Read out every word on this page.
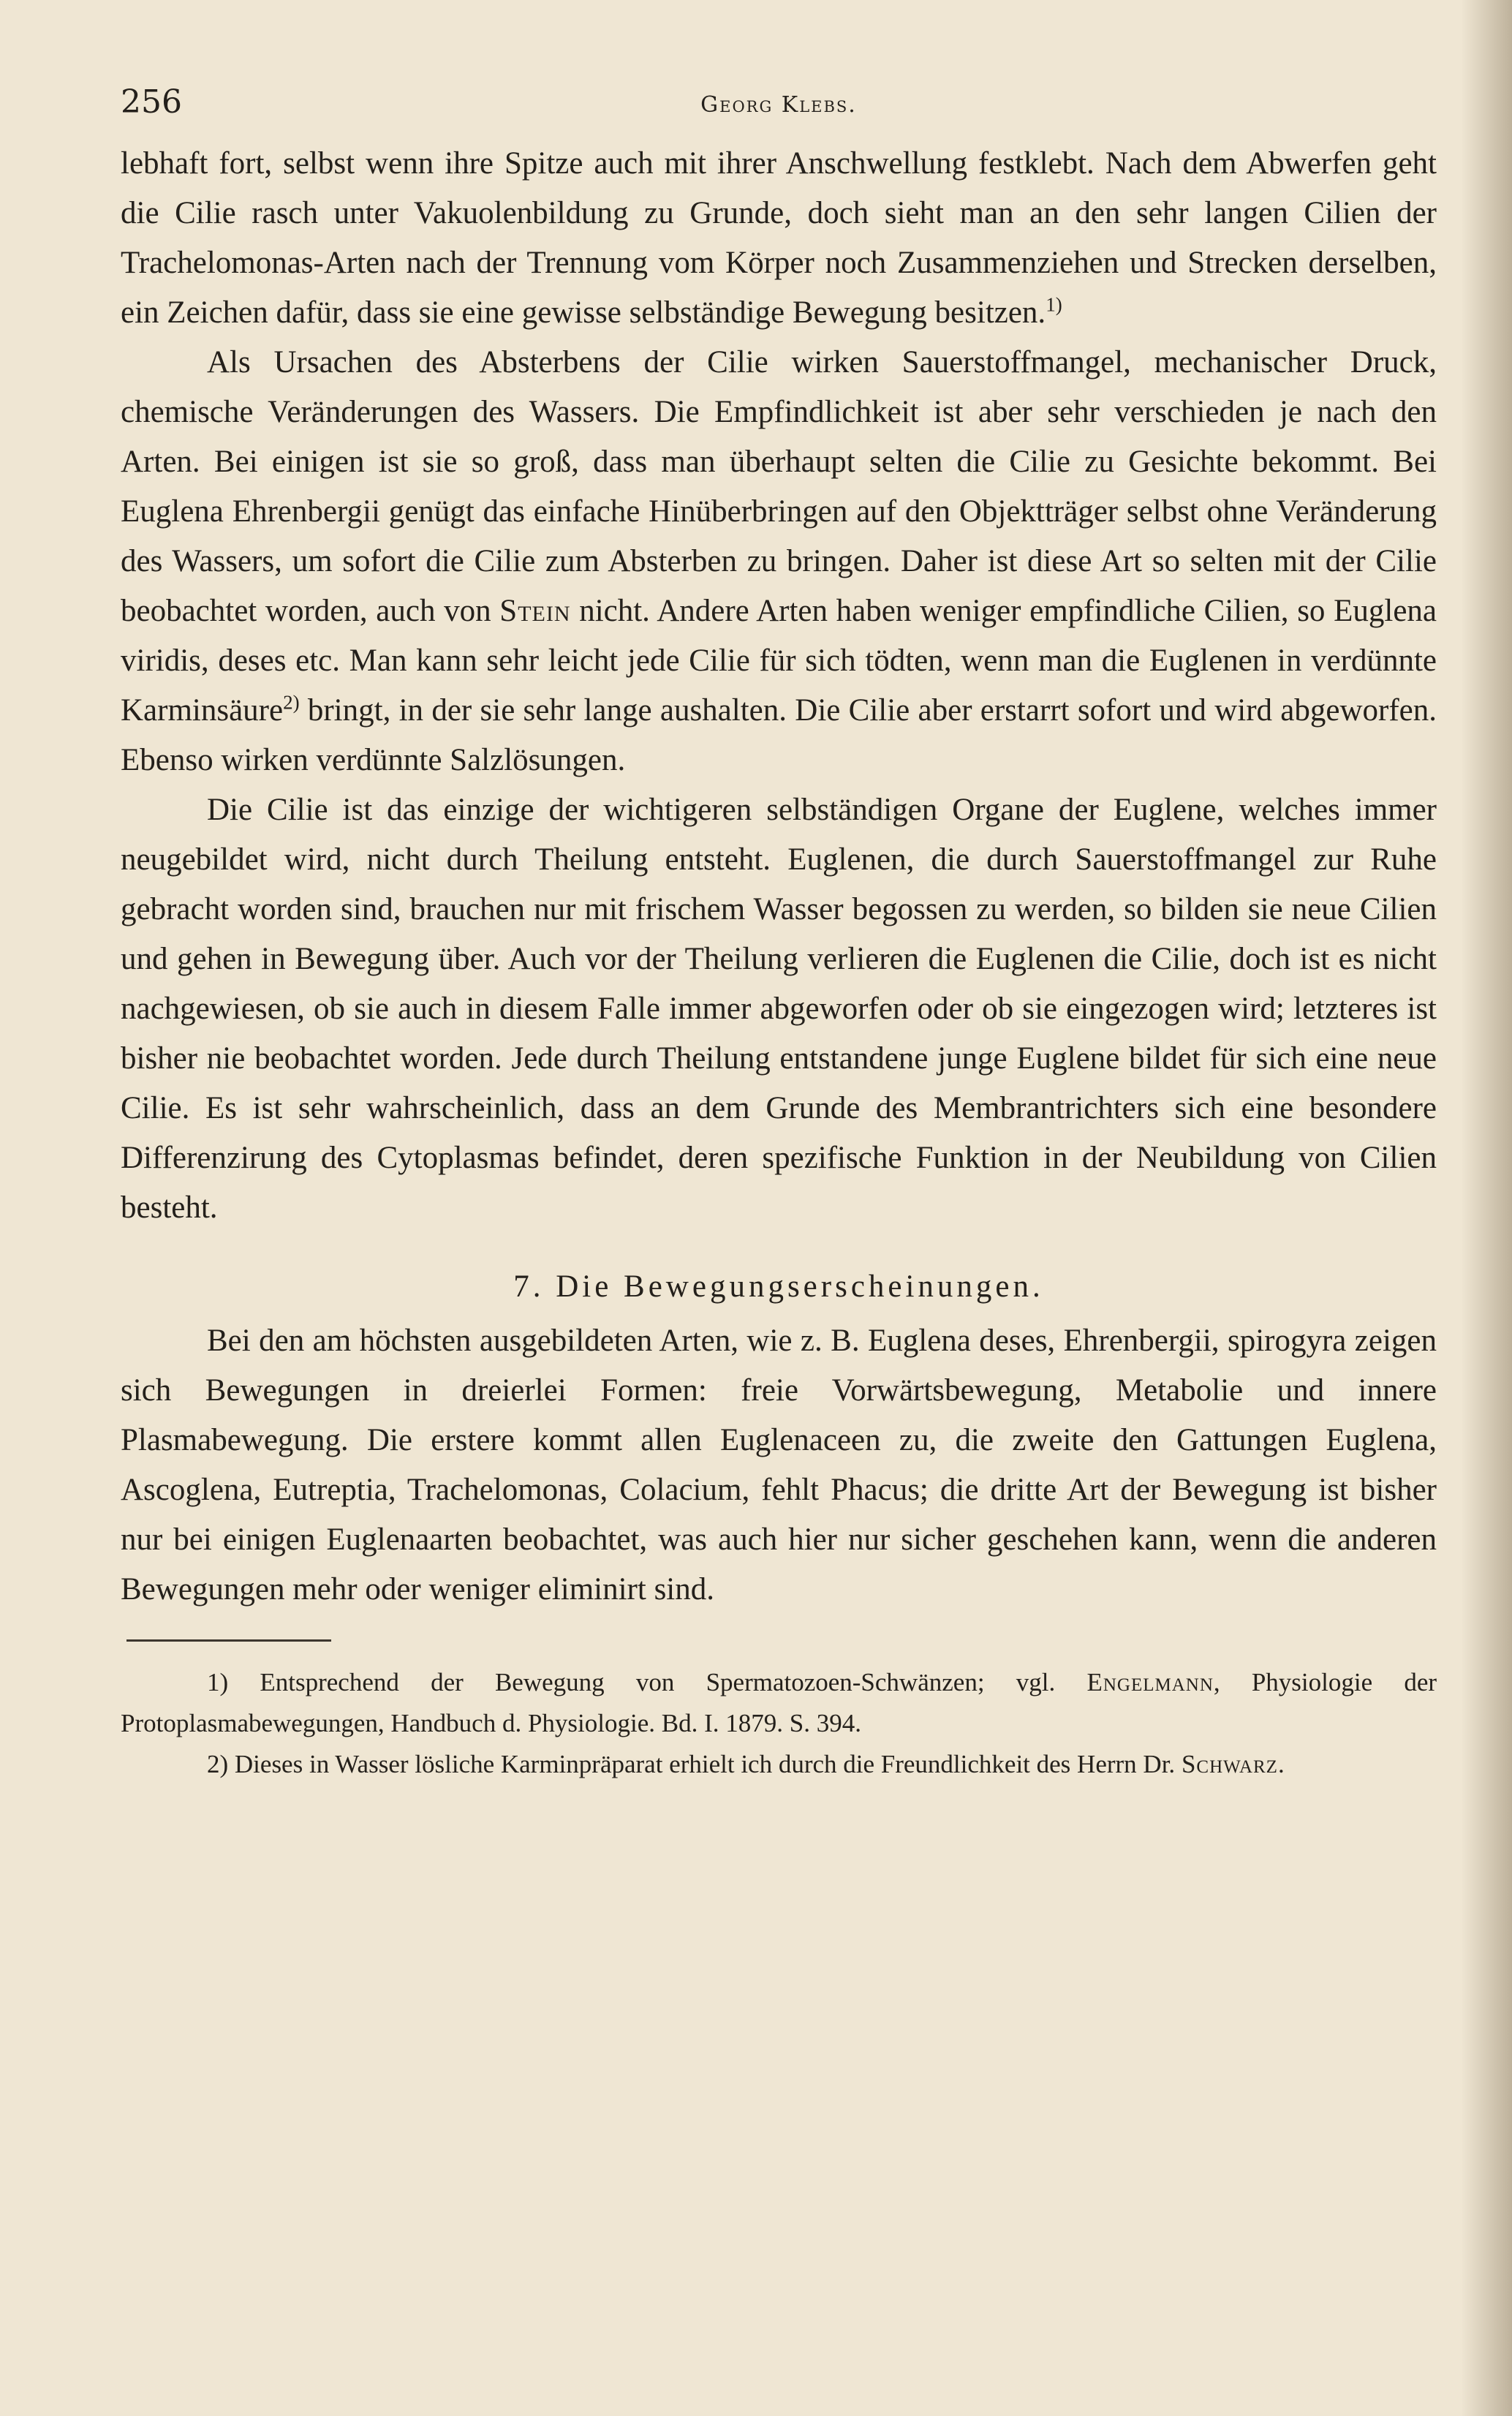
256	Georg Klebs.

lebhaft fort, selbst wenn ihre Spitze auch mit ihrer Anschwellung festklebt. Nach dem Abwerfen geht die Cilie rasch unter Vakuolenbildung zu Grunde, doch sieht man an den sehr langen Cilien der Trachelomonas-Arten nach der Trennung vom Körper noch Zusammenziehen und Strecken derselben, ein Zeichen dafür, dass sie eine gewisse selbständige Bewegung besitzen.$^{1)}$

Als Ursachen des Absterbens der Cilie wirken Sauerstoffmangel, mechanischer Druck, chemische Veränderungen des Wassers. Die Empfindlichkeit ist aber sehr verschieden je nach den Arten. Bei einigen ist sie so groß, dass man überhaupt selten die Cilie zu Gesichte bekommt. Bei Euglena Ehrenbergii genügt das einfache Hinüberbringen auf den Objektträger selbst ohne Veränderung des Wassers, um sofort die Cilie zum Absterben zu bringen. Daher ist diese Art so selten mit der Cilie beobachtet worden, auch von Stein nicht. Andere Arten haben weniger empfindliche Cilien, so Euglena viridis, deses etc. Man kann sehr leicht jede Cilie für sich tödten, wenn man die Euglenen in verdünnte Karminsäure$^{2)}$ bringt, in der sie sehr lange aushalten. Die Cilie aber erstarrt sofort und wird abgeworfen. Ebenso wirken verdünnte Salzlösungen.

Die Cilie ist das einzige der wichtigeren selbständigen Organe der Euglene, welches immer neugebildet wird, nicht durch Theilung entsteht. Euglenen, die durch Sauerstoffmangel zur Ruhe gebracht worden sind, brauchen nur mit frischem Wasser begossen zu werden, so bilden sie neue Cilien und gehen in Bewegung über. Auch vor der Theilung verlieren die Euglenen die Cilie, doch ist es nicht nachgewiesen, ob sie auch in diesem Falle immer abgeworfen oder ob sie eingezogen wird; letzteres ist bisher nie beobachtet worden. Jede durch Theilung entstandene junge Euglene bildet für sich eine neue Cilie. Es ist sehr wahrscheinlich, dass an dem Grunde des Membrantrichters sich eine besondere Differenzirung des Cytoplasmas befindet, deren spezifische Funktion in der Neubildung von Cilien besteht.

7. Die Bewegungserscheinungen.

Bei den am höchsten ausgebildeten Arten, wie z. B. Euglena deses, Ehrenbergii, spirogyra zeigen sich Bewegungen in dreierlei Formen: freie Vorwärtsbewegung, Metabolie und innere Plasmabewegung. Die erstere kommt allen Euglenaceen zu, die zweite den Gattungen Euglena, Ascoglena, Eutreptia, Trachelomonas, Colacium, fehlt Phacus; die dritte Art der Bewegung ist bisher nur bei einigen Euglenaarten beobachtet, was auch hier nur sicher geschehen kann, wenn die anderen Bewegungen mehr oder weniger eliminirt sind.

1) Entsprechend der Bewegung von Spermatozoen-Schwänzen; vgl. Engelmann, Physiologie der Protoplasmabewegungen, Handbuch d. Physiologie. Bd. I. 1879. S. 394.

2) Dieses in Wasser lösliche Karminpräparat erhielt ich durch die Freundlichkeit des Herrn Dr. Schwarz.
